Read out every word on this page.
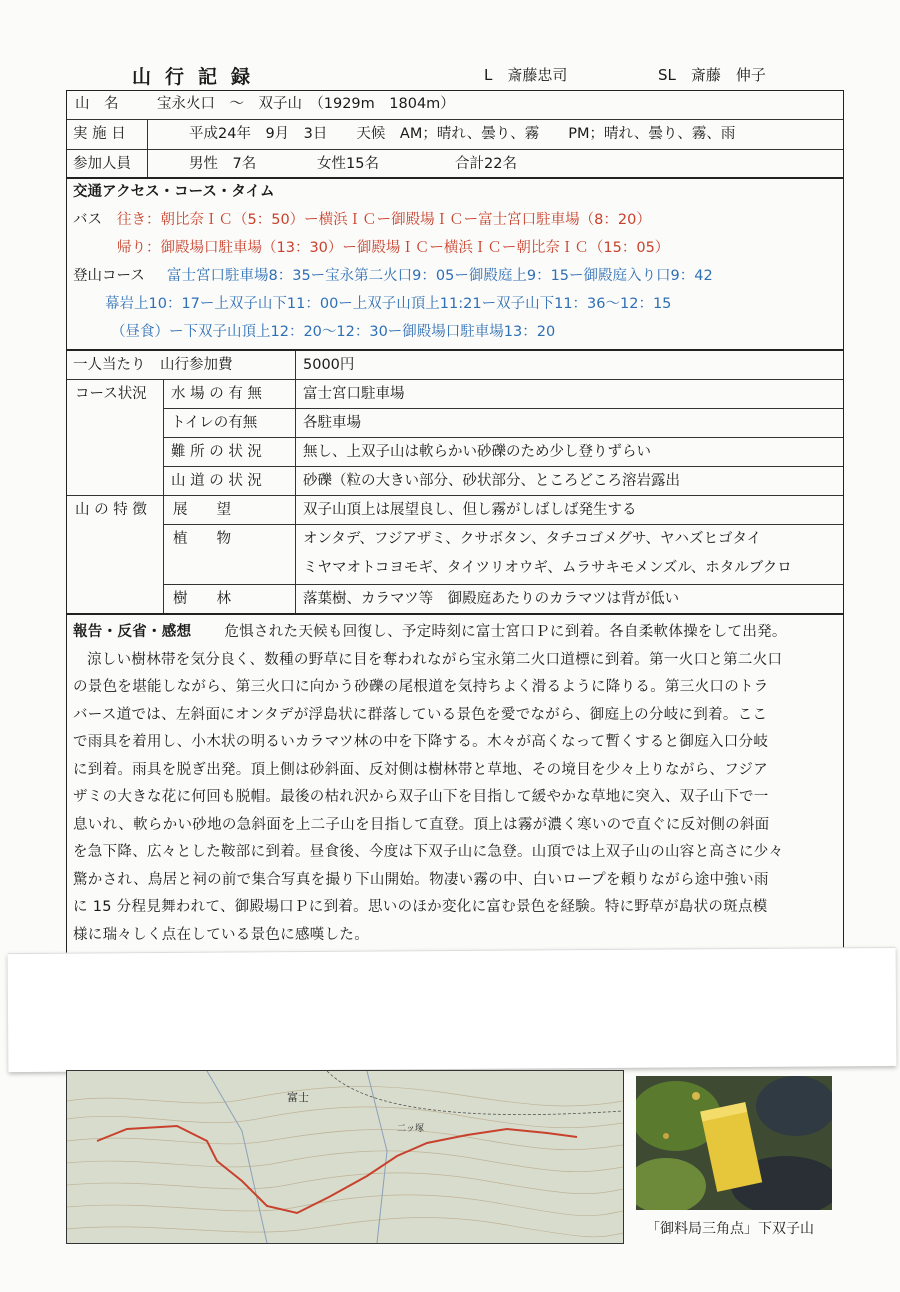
山行記録	L　斎藤忠司	SL　斎藤　伸子
山　名	宝永火口　～　双子山　（1929m　1804m）
実 施 日	平成24年　9月　3日　　天候　AM；晴れ、曇り、霧　　PM；晴れ、曇り、霧、雨
参加人員	男性　7名	女性15名	合計22名
交通アクセス・コース・タイム
バス 往き：朝比奈ＩＣ（5：50）ー横浜ＩＣー御殿場ＩＣー富士宮口駐車場（8：20）
帰り：御殿場口駐車場（13：30）ー御殿場ＩＣー横浜ＩＣー朝比奈ＩＣ（15：05）
登山コース 富士宮口駐車場8：35ー宝永第二火口9：05ー御殿庭上9：15ー御殿庭入り口9：42
幕岩上10：17ー上双子山下11：00ー上双子山頂上11:21ー双子山下11：36～12：15
（昼食）ー下双子山頂上12：20～12：30ー御殿場口駐車場13：20
一人当たり　山行参加費	5000円
コース状況 水 場 の 有 無	富士宮口駐車場
トイレの有無	各駐車場
難 所 の 状 況	無し、上双子山は軟らかい砂礫のため少し登りずらい
山 道 の 状 況	砂礫（粒の大きい部分、砂状部分、ところどころ溶岩露出
山 の 特 徴 展　　望	双子山頂上は展望良し、但し霧がしばしば発生する
植　　物	オンタデ、フジアザミ、クサボタン、タチコゴメグサ、ヤハズヒゴタイ
ミヤマオトコヨモギ、タイツリオウギ、ムラサキモメンズル、ホタルブクロ
樹　　林	落葉樹、カラマツ等　御殿庭あたりのカラマツは背が低い
報告・反省・感想 危惧された天候も回復し、予定時刻に富士宮口Ｐに到着。各自柔軟体操をして出発。
涼しい樹林帯を気分良く、数種の野草に目を奪われながら宝永第二火口道標に到着。第一火口と第二火口
の景色を堪能しながら、第三火口に向かう砂礫の尾根道を気持ちよく滑るように降りる。第三火口のトラ
バース道では、左斜面にオンタデが浮島状に群落している景色を愛でながら、御庭上の分岐に到着。ここ
で雨具を着用し、小木状の明るいカラマツ林の中を下降する。木々が高くなって暫くすると御庭入口分岐
に到着。雨具を脱ぎ出発。頂上側は砂斜面、反対側は樹林帯と草地、その境目を少々上りながら、フジア
ザミの大きな花に何回も脱帽。最後の枯れ沢から双子山下を目指して緩やかな草地に突入、双子山下で一
息いれ、軟らかい砂地の急斜面を上二子山を目指して直登。頂上は霧が濃く寒いので直ぐに反対側の斜面
を急下降、広々とした鞍部に到着。昼食後、今度は下双子山に急登。山頂では上双子山の山容と高さに少々
驚かされ、鳥居と祠の前で集合写真を撮り下山開始。物凄い霧の中、白いロープを頼りながら途中強い雨
に 15 分程見舞われて、御殿場口Ｐに到着。思いのほか変化に富む景色を経験。特に野草が島状の斑点模
様に瑞々しく点在している景色に感嘆した。
富士
二ッ塚
「御料局三角点」下双子山
